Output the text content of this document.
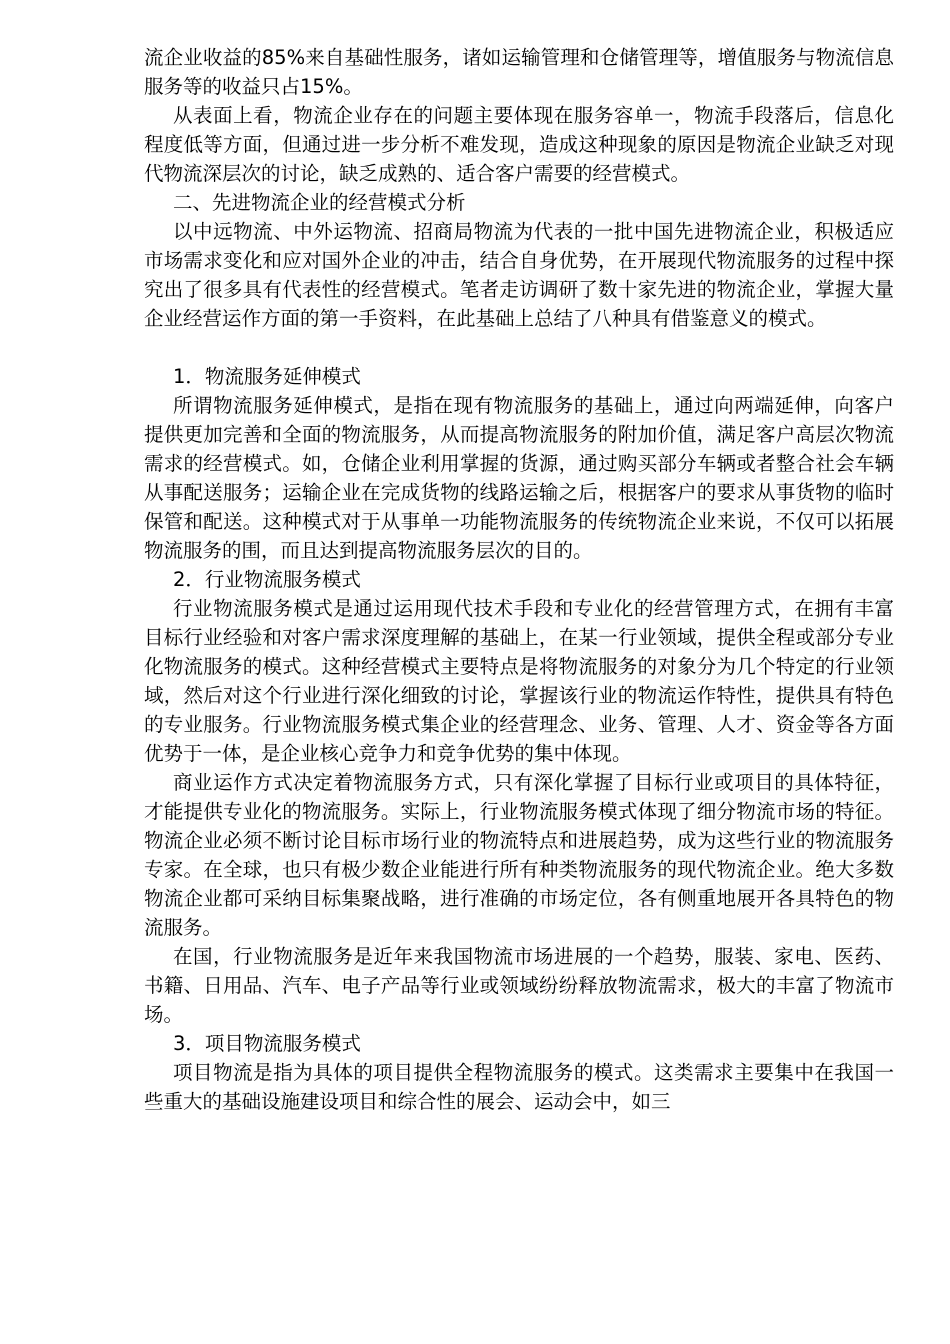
流企业收益的85%来自基础性服务，诸如运输管理和仓储管理等，增值服务与物流信息服务等的收益只占15%。

从表面上看，物流企业存在的问题主要体现在服务容单一，物流手段落后，信息化程度低等方面，但通过进一步分析不难发现，造成这种现象的原因是物流企业缺乏对现代物流深层次的讨论，缺乏成熟的、适合客户需要的经营模式。

二、先进物流企业的经营模式分析

以中远物流、中外运物流、招商局物流为代表的一批中国先进物流企业，积极适应市场需求变化和应对国外企业的冲击，结合自身优势，在开展现代物流服务的过程中探究出了很多具有代表性的经营模式。笔者走访调研了数十家先进的物流企业，掌握大量企业经营运作方面的第一手资料，在此基础上总结了八种具有借鉴意义的模式。

1．物流服务延伸模式

所谓物流服务延伸模式，是指在现有物流服务的基础上，通过向两端延伸，向客户提供更加完善和全面的物流服务，从而提高物流服务的附加价值，满足客户高层次物流需求的经营模式。如，仓储企业利用掌握的货源，通过购买部分车辆或者整合社会车辆从事配送服务；运输企业在完成货物的线路运输之后，根据客户的要求从事货物的临时保管和配送。这种模式对于从事单一功能物流服务的传统物流企业来说，不仅可以拓展物流服务的围，而且达到提高物流服务层次的目的。

2．行业物流服务模式

行业物流服务模式是通过运用现代技术手段和专业化的经营管理方式，在拥有丰富目标行业经验和对客户需求深度理解的基础上，在某一行业领域，提供全程或部分专业化物流服务的模式。这种经营模式主要特点是将物流服务的对象分为几个特定的行业领域，然后对这个行业进行深化细致的讨论，掌握该行业的物流运作特性，提供具有特色的专业服务。行业物流服务模式集企业的经营理念、业务、管理、人才、资金等各方面优势于一体，是企业核心竞争力和竞争优势的集中体现。

商业运作方式决定着物流服务方式，只有深化掌握了目标行业或项目的具体特征，才能提供专业化的物流服务。实际上，行业物流服务模式体现了细分物流市场的特征。物流企业必须不断讨论目标市场行业的物流特点和进展趋势，成为这些行业的物流服务专家。在全球，也只有极少数企业能进行所有种类物流服务的现代物流企业。绝大多数物流企业都可采纳目标集聚战略，进行准确的市场定位，各有侧重地展开各具特色的物流服务。

在国，行业物流服务是近年来我国物流市场进展的一个趋势，服装、家电、医药、书籍、日用品、汽车、电子产品等行业或领域纷纷释放物流需求，极大的丰富了物流市场。

3．项目物流服务模式

项目物流是指为具体的项目提供全程物流服务的模式。这类需求主要集中在我国一些重大的基础设施建设项目和综合性的展会、运动会中，如三
